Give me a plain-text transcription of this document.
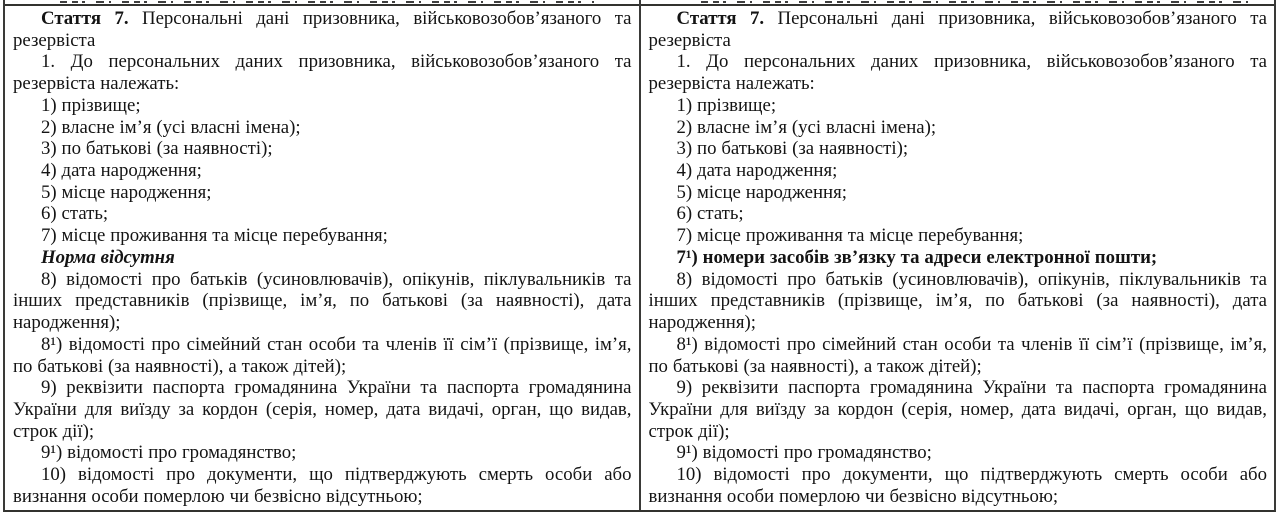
Стаття 7. Персональні дані призовника, військовозобов’язаного та резервіста

1. До персональних даних призовника, військовозобов’язаного та резервіста належать:

1) прізвище;

2) власне ім’я (усі власні імена);

3) по батькові (за наявності);

4) дата народження;

5) місце народження;

6) стать;

7) місце проживання та місце перебування;

Норма відсутня

8) відомості про батьків (усиновлювачів), опікунів, піклувальників та інших представників (прізвище, ім’я, по батькові (за наявності), дата народження);

8¹) відомості про сімейний стан особи та членів її сім’ї (прізвище, ім’я, по батькові (за наявності), а також дітей);

9) реквізити паспорта громадянина України та паспорта громадянина України для виїзду за кордон (серія, номер, дата видачі, орган, що видав, строк дії);

9¹) відомості про громадянство;

10) відомості про документи, що підтверджують смерть особи або визнання особи померлою чи безвісно відсутньою;

Стаття 7. Персональні дані призовника, військовозобов’язаного та резервіста

1. До персональних даних призовника, військовозобов’язаного та резервіста належать:

1) прізвище;

2) власне ім’я (усі власні імена);

3) по батькові (за наявності);

4) дата народження;

5) місце народження;

6) стать;

7) місце проживання та місце перебування;

7¹) номери засобів зв’язку та адреси електронної пошти;

8) відомості про батьків (усиновлювачів), опікунів, піклувальників та інших представників (прізвище, ім’я, по батькові (за наявності), дата народження);

8¹) відомості про сімейний стан особи та членів її сім’ї (прізвище, ім’я, по батькові (за наявності), а також дітей);

9) реквізити паспорта громадянина України та паспорта громадянина України для виїзду за кордон (серія, номер, дата видачі, орган, що видав, строк дії);

9¹) відомості про громадянство;

10) відомості про документи, що підтверджують смерть особи або визнання особи померлою чи безвісно відсутньою;
